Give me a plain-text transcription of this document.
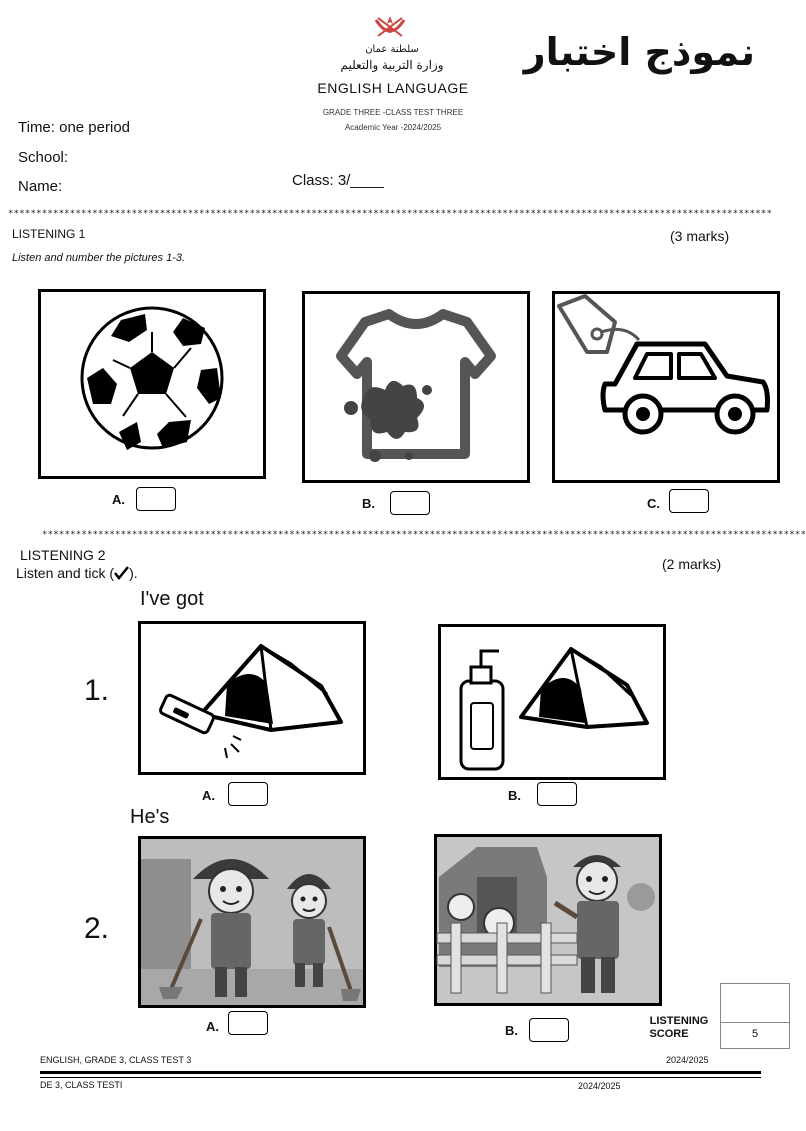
سلطنة عمان
وزارة التربية والتعليم
ENGLISH LANGUAGE
GRADE THREE -CLASS TEST THREE
Academic Year -2024/2025
نموذج اختبار
Time: one period
School:
Name:	Class: 3/____
****************************************************************************************************************************************
LISTENING 1	(3 marks)
Listen and number the pictures 1-3.
A.	B.	C.
****************************************************************************************************************************************
LISTENING 2
Listen and tick ( ).
(2 marks)
I've got
1.
A.	B.
He's
2.
A.	B.	5
LISTENING
SCORE
ENGLISH, GRADE 3, CLASS TEST 3	2024/2025
DE 3, CLASS TESTI	2024/2025
